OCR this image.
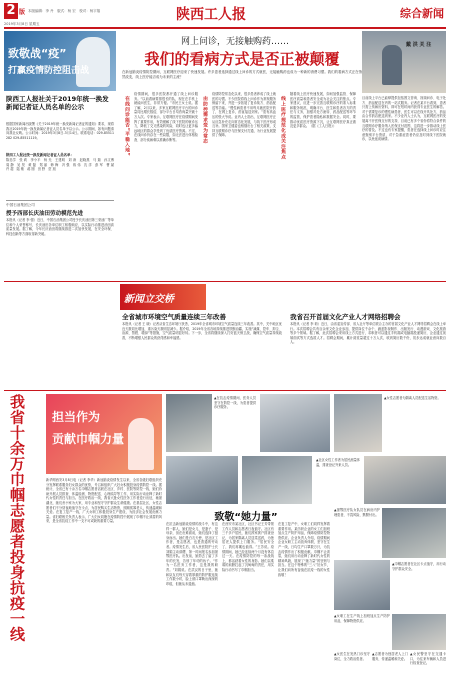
2 版 本版编辑：李 丹　版式：杨 宏　校对：杨宇翔	陕西工人报	综合新闻
2019年3月8日 星期五
致敬战“疫”
打赢疫情防控阻击战
陕西工人报社关于2019年统一换发新闻记者证人员名单的公示
根据国家新闻出版署《关于2019年统一换发新闻记者证的通知》要求，现将我社2019年统一换发新闻记者证人员名单予以公示。公示期间，如有问题请向我社反映。公示时间：2019年3月8日-3月14日。联系电话：029-85511282 029-85511119。
陕西工人报社统一换发新闻记者证人员名单：
陈忠学　张 莉　李小平　杨 光　王建明　刘 涛　赵晓燕　马 瑞　孙文博　周 静　吴 昊　黄 磊　郑 丽　韩 梅　冯 强　蒋 伟　沈 洋　彭 军　曹 斌　许 超　陆 敏　郝 刚　田 野　贺 旭
中国石油集团公司
授予西部长庆油田劳动模范先进
本报讯（记者 李 强）近日，中国石油集团公司授予长庆油田第三采油厂等单位和个人荣誉称号，长庆油田各单位职工积极响应，以实际行动推进油田高质量发展。据了解，今年长庆油田将继续推进二次加快发展，在安全环保、科技创新等方面取得新突破。
网上问诊，无接触购药……
我们的看病方式是否正被颠覆
在新冠肺炎疫情防控期间，互联网医疗迎来了快速发展。许多患者选择通过线上问诊的方式就医，无接触购药也成为一种新的消费习惯。我们的看病方式正在悄然改变，线上医疗能否成为未来的主流？
在线问诊能否“平稳入地”
疫情期间，很多医院都开通了线上问诊服务。“以前看病要排很长的队，现在在手机上就能问医生，非常方便。”市民王女士说。据了解，2月以来，多家互联网医疗平台的问诊量同比增长数倍，部分平台日均咨询量突破十万人次。专家表示，互联网医疗在疫情期间发挥了重要作用，有效缓解了线下医院的就诊压力，降低了交叉感染的风险，同时也让更多偏远地区的群众享受到了优质医疗资源。不过，在线问诊仍存在一些局限，如无法进行体格检查、部分疾病难以准确诊断等。	由防控需求变为常态
疫情防控常态化以来，很多患者养成了线上就医的习惯。不少医院将线上问诊作为常规服务保留下来，并进一步拓展了复诊续方、药品配送等功能。“慢性病患者不用每月跑医院开药了，在网上复诊，药直接送到家。”患有高血压的张大爷说。业内人士指出，互联网医疗正从应急补充走向常态化发展，与线下医疗形成互补。国家卫健委也相继出台了相关政策，支持互联网诊疗与医保支付打通，为行业发展提供了保障。	线上医疗规范化成关注焦点
随着线上医疗快速发展，如何加强监管、保障医疗质量和患者安全成为社会关注的焦点。专家建议，应进一步完善互联网诊疗的准入标准和服务规范，明确平台、医生和患者各方的责任与义务，加强对处方流转、药品配送等环节的监管，保护患者隐私和数据安全。同时，要推动优质医疗资源下沉，让互联网医疗真正惠及更多群众。（据《工人日报》）
戴 洪 关 注
目前线上平台已能够提供包括图文咨询、视频问诊、电子处方、药品配送在内的一站式服务。记者在某平台看到，患者只需上传病历资料，即可在短时间内获得专业医生的解答。对于需要复诊的慢性病患者，医生可以在线开具处方，药品由合作药店配送到家。不少业内人士认为，互联网医疗的发展离不开医保支付的支持，目前已有多个省份将符合条件的互联网诊疗服务纳入医保支付范围，这将进一步推动线上医疗的普及。不过也有专家提醒，患者在选择线上问诊时应注意甄别平台资质，对于急重症患者仍应及时到线下医院就诊，以免延误病情。
新闻立交桥
全省城市环境空气质量连续三年改善
本报讯（记者 王 晓）记者从省生态环境厅获悉，2019年全省城市环境空气质量连续三年改善。其中，关中地区优良天数同比增加，重污染天数明显减少。据介绍，2019年全省各地持续推进铁腕治霾，实施“减煤、控车、抑尘、治源、禁燃、增绿”等措施，空气质量明显好转。下一步，全省将继续深入打好蓝天保卫战，确保空气质量持续改善，不断增强人民群众的获得感和幸福感。
我省召开首届文化产业人才网络招聘会
本报讯（记者 李 莉）近日，由省委宣传部、省人社厅等单位联合主办的首届文化产业人才网络招聘会在线上举行。本次招聘会共有百余家文化企业参加，提供岗位千余个，涵盖影视制作、出版发行、动漫游戏、文化旅游等多个领域。据了解，此次招聘会采用线上方式进行，求职者可以通过手机端或电脑端投递简历，企业通过视频面试等方式选拔人才。招聘会期间，累计浏览量超过十万人次，收到简历数千份，初步达成就业意向数百人。
我省十余万巾帼志愿者投身抗疫一线 担当作为
贡献巾帼力量
新华网西安3月8日电（记者 李华）新冠肺炎疫情发生以来，全省各级妇联组织充分发挥联系服务妇女群众的优势，号召和组织广大妇女积极投身疫情防控一线。据统计，全省已有十余万名巾帼志愿者活跃在社区、乡村、医院等防控一线，她们协助开展人员排查、体温检测、物资配送、心理疏导等工作，用实际行动诠释了新时代女性的责任与担当。在医疗救治一线，我省大批女性医务工作者逆行出征，驰援湖北，她们舍小家为大家，用专业和坚守守护群众生命健康。在基层社区，女性志愿者们不分昼夜地值守在卡点，为居民购买生活物资，照顾孤寡老人，传递温暖和关爱。在复工复产一线，广大女职工积极投身生产建设，为经济社会发展贡献力量。省妇联相关负责人表示，广大妇女同胞在疫情防控中展现了巾帼不让须眉的风采，是全省抗疫工作中一支不可或缺的重要力量。
▲在抗击疫情期间，医务人员坚守在防控一线，为患者提供诊疗服务。
▲女性志愿者为隔离人员配送生活物资。
▲社区女性工作者为居民测量体温，排查登记外来人员。
致敬“她力量”
在抗击新冠肺炎疫情的战斗中，有这样一群人，她们是女儿、是妻子、是母亲，但在危难面前，她们选择了挺身而出。她们是白衣天使，是社区工作者，是志愿者，也是普通的劳动者。疫情发生后，省人民医院护士长刘娟主动请缨，第一时间报名参加援鄂医疗队。出发前，她剪去了留了多年的长发，告别了年幼的孩子。“作为一名医务工作者，这是我的职责。”刘娟说。在武汉的日子里，她和队友们每天穿着厚重的防护服连续工作数小时，脸上被口罩勒出深深的印痕，但她从未退缩。
在西安市某社区，社区书记王芳带领工作人员和志愿者日夜值守。社区有三千多户居民，她们挨家挨户排查登记，为居家隔离人员送菜送药，为独居老人提供上门服务。“居民安全了，我们再累也值得。”王芳说。疫情期间，她已经连续两个月没有休息过一天。在疫情防控的每一条战线上，都活跃着女性的身影。她们以柔弱的肩膀扛起了沉甸甸的责任，用实际行动书写了巾帼担当。
在复工复产中，女职工们同样发挥着重要作用。某纺织企业的女工们加班加点生产防护用品，保障疫情防控物资供应。企业负责人介绍，疫情期间企业女职工主动放弃休假，坚守在生产一线，日均生产口罩数万只，为抗击疫情作出了积极贡献。巾帼不让须眉，她们用行动诠释了新时代女性的精神风貌，展现了“她力量”的坚韧与担当。在这个特殊的“三八”妇女节，让我们向所有奋战在抗疫一线的女性致敬！
▲援鄂医疗队女队员在病房内护理患者，不畏风险，默默付出。
▲巾帼志愿者在社区卡点值守，用行动守护群众安全。
▲女职工在生产线上加班加点生产防护用品，保障物资供应。
▲女医生在发热门诊坚守岗位，全力救治患者。
▲志愿者为独居老人上门服务，传递温暖和关爱。
▲女民警坚守在交通卡口，为往来车辆和人员进行检查登记。
